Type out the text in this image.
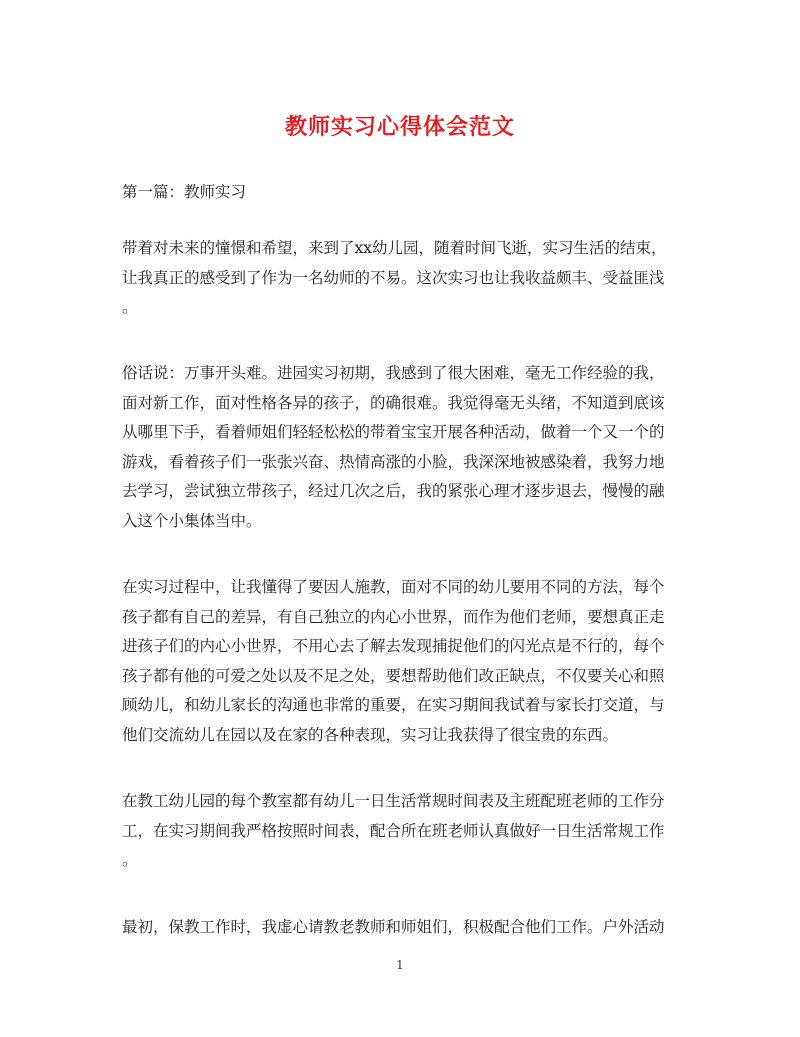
教师实习心得体会范文
第一篇：教师实习
带着对未来的憧憬和希望，来到了xx幼儿园，随着时间飞逝，实习生活的结束，
让我真正的感受到了作为一名幼师的不易。这次实习也让我收益颇丰、受益匪浅
。
俗话说：万事开头难。进园实习初期，我感到了很大困难，毫无工作经验的我，
面对新工作，面对性格各异的孩子，的确很难。我觉得毫无头绪，不知道到底该
从哪里下手，看着师姐们轻轻松松的带着宝宝开展各种活动，做着一个又一个的
游戏，看着孩子们一张张兴奋、热情高涨的小脸，我深深地被感染着，我努力地
去学习，尝试独立带孩子，经过几次之后，我的紧张心理才逐步退去，慢慢的融
入这个小集体当中。
在实习过程中，让我懂得了要因人施教，面对不同的幼儿要用不同的方法，每个
孩子都有自己的差异，有自己独立的内心小世界，而作为他们老师，要想真正走
进孩子们的内心小世界，不用心去了解去发现捕捉他们的闪光点是不行的，每个
孩子都有他的可爱之处以及不足之处，要想帮助他们改正缺点，不仅要关心和照
顾幼儿，和幼儿家长的沟通也非常的重要，在实习期间我试着与家长打交道，与
他们交流幼儿在园以及在家的各种表现，实习让我获得了很宝贵的东西。
在教工幼儿园的每个教室都有幼儿一日生活常规时间表及主班配班老师的工作分
工，在实习期间我严格按照时间表，配合所在班老师认真做好一日生活常规工作
。
最初，保教工作时，我虚心请教老教师和师姐们，积极配合他们工作。户外活动
1
